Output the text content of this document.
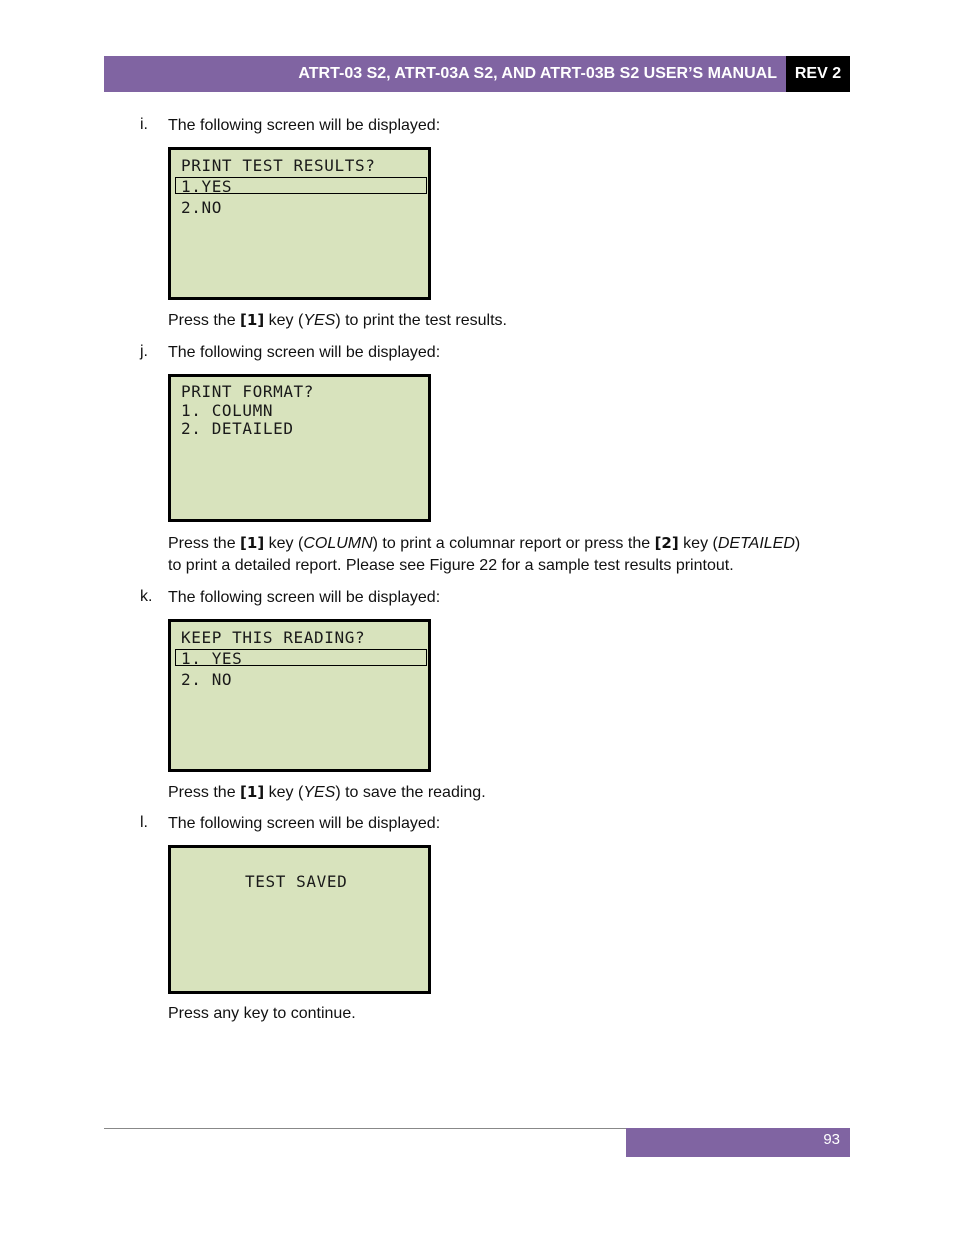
ATRT-03 S2, ATRT-03A S2, AND ATRT-03B S2 USER’S MANUAL REV 2
i. The following screen will be displayed:
PRINT TEST RESULTS?
1.YES
2.NO
Press the [1] key (YES) to print the test results.
j. The following screen will be displayed:
PRINT FORMAT?
1. COLUMN
2. DETAILED
Press the [1] key (COLUMN) to print a columnar report or press the [2] key (DETAILED)
to print a detailed report. Please see Figure 22 for a sample test results printout.
k. The following screen will be displayed:
KEEP THIS READING?
1. YES
2. NO
Press the [1] key (YES) to save the reading.
l. The following screen will be displayed:
TEST SAVED
Press any key to continue.
93
